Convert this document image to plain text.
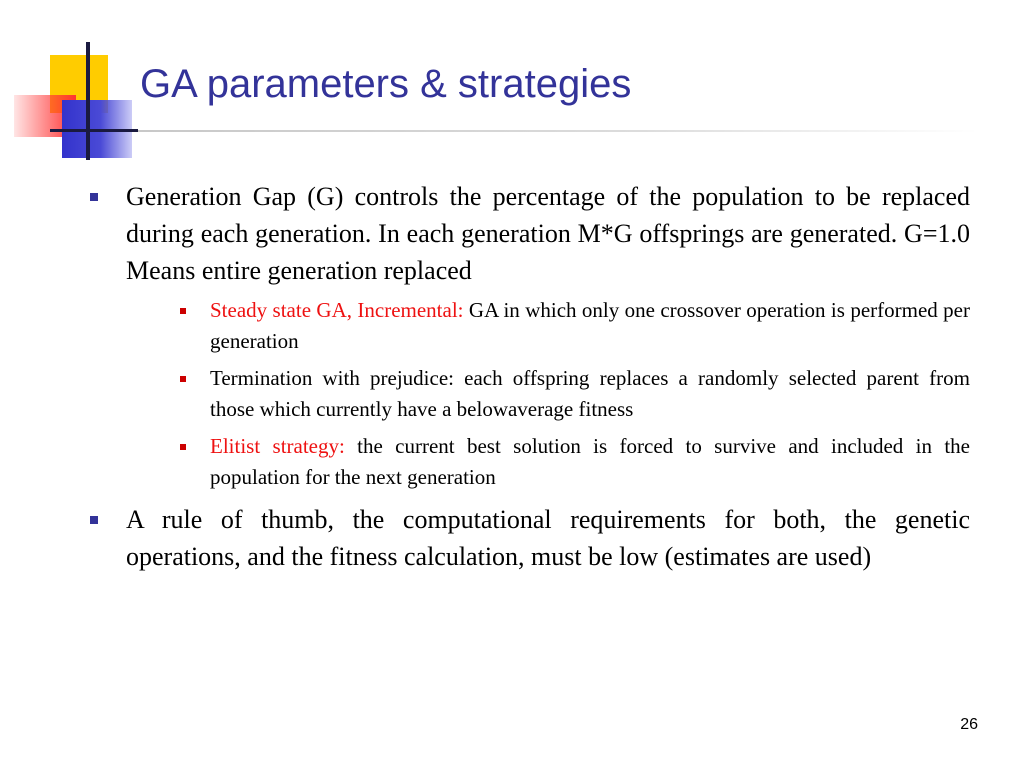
GA parameters & strategies
Generation Gap (G) controls the percentage of the population to be replaced during each generation. In each generation M*G offsprings are generated. G=1.0 Means entire generation replaced
Steady state GA, Incremental: GA in which only one crossover operation is performed per generation
Termination with prejudice: each offspring replaces a randomly selected parent from those which currently have a belowaverage fitness
Elitist strategy: the current best solution is forced to survive and included in the population for the next generation
A rule of thumb, the computational requirements for both, the genetic operations, and the fitness calculation, must be low (estimates are used)
26
